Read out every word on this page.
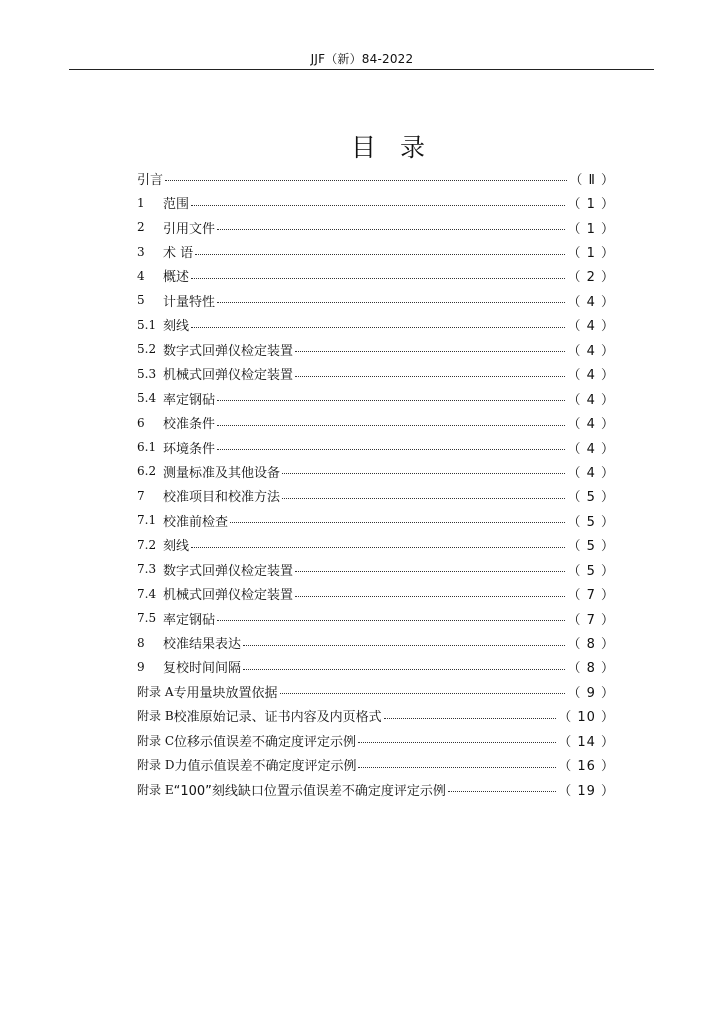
JJF（新）84-2022
目 录
引言	（ Ⅱ ）
1	范围	（ 1 ）
2	引用文件	（ 1 ）
3	术 语	（ 1 ）
4	概述	（ 2 ）
5	计量特性	（ 4 ）
5.1 刻线	（ 4 ）
5.2 数字式回弹仪检定装置	（ 4 ）
5.3 机械式回弹仪检定装置	（ 4 ）
5.4 率定钢砧	（ 4 ）
6	校准条件	（ 4 ）
6.1 环境条件	（ 4 ）
6.2 测量标准及其他设备	（ 4 ）
7	校准项目和校准方法	（ 5 ）
7.1 校准前检查	（ 5 ）
7.2 刻线	（ 5 ）
7.3 数字式回弹仪检定装置	（ 5 ）
7.4 机械式回弹仪检定装置	（ 7 ）
7.5 率定钢砧	（ 7 ）
8	校准结果表达	（ 8 ）
9	复校时间间隔	（ 8 ）
附录 A 专用量块放置依据	（ 9 ）
附录 B 校准原始记录、证书内容及内页格式	（ 10 ）
附录 C 位移示值误差不确定度评定示例	（ 14 ）
附录 D 力值示值误差不确定度评定示例	（ 16 ）
附录 E “100”刻线缺口位置示值误差不确定度评定示例	（ 19 ）
